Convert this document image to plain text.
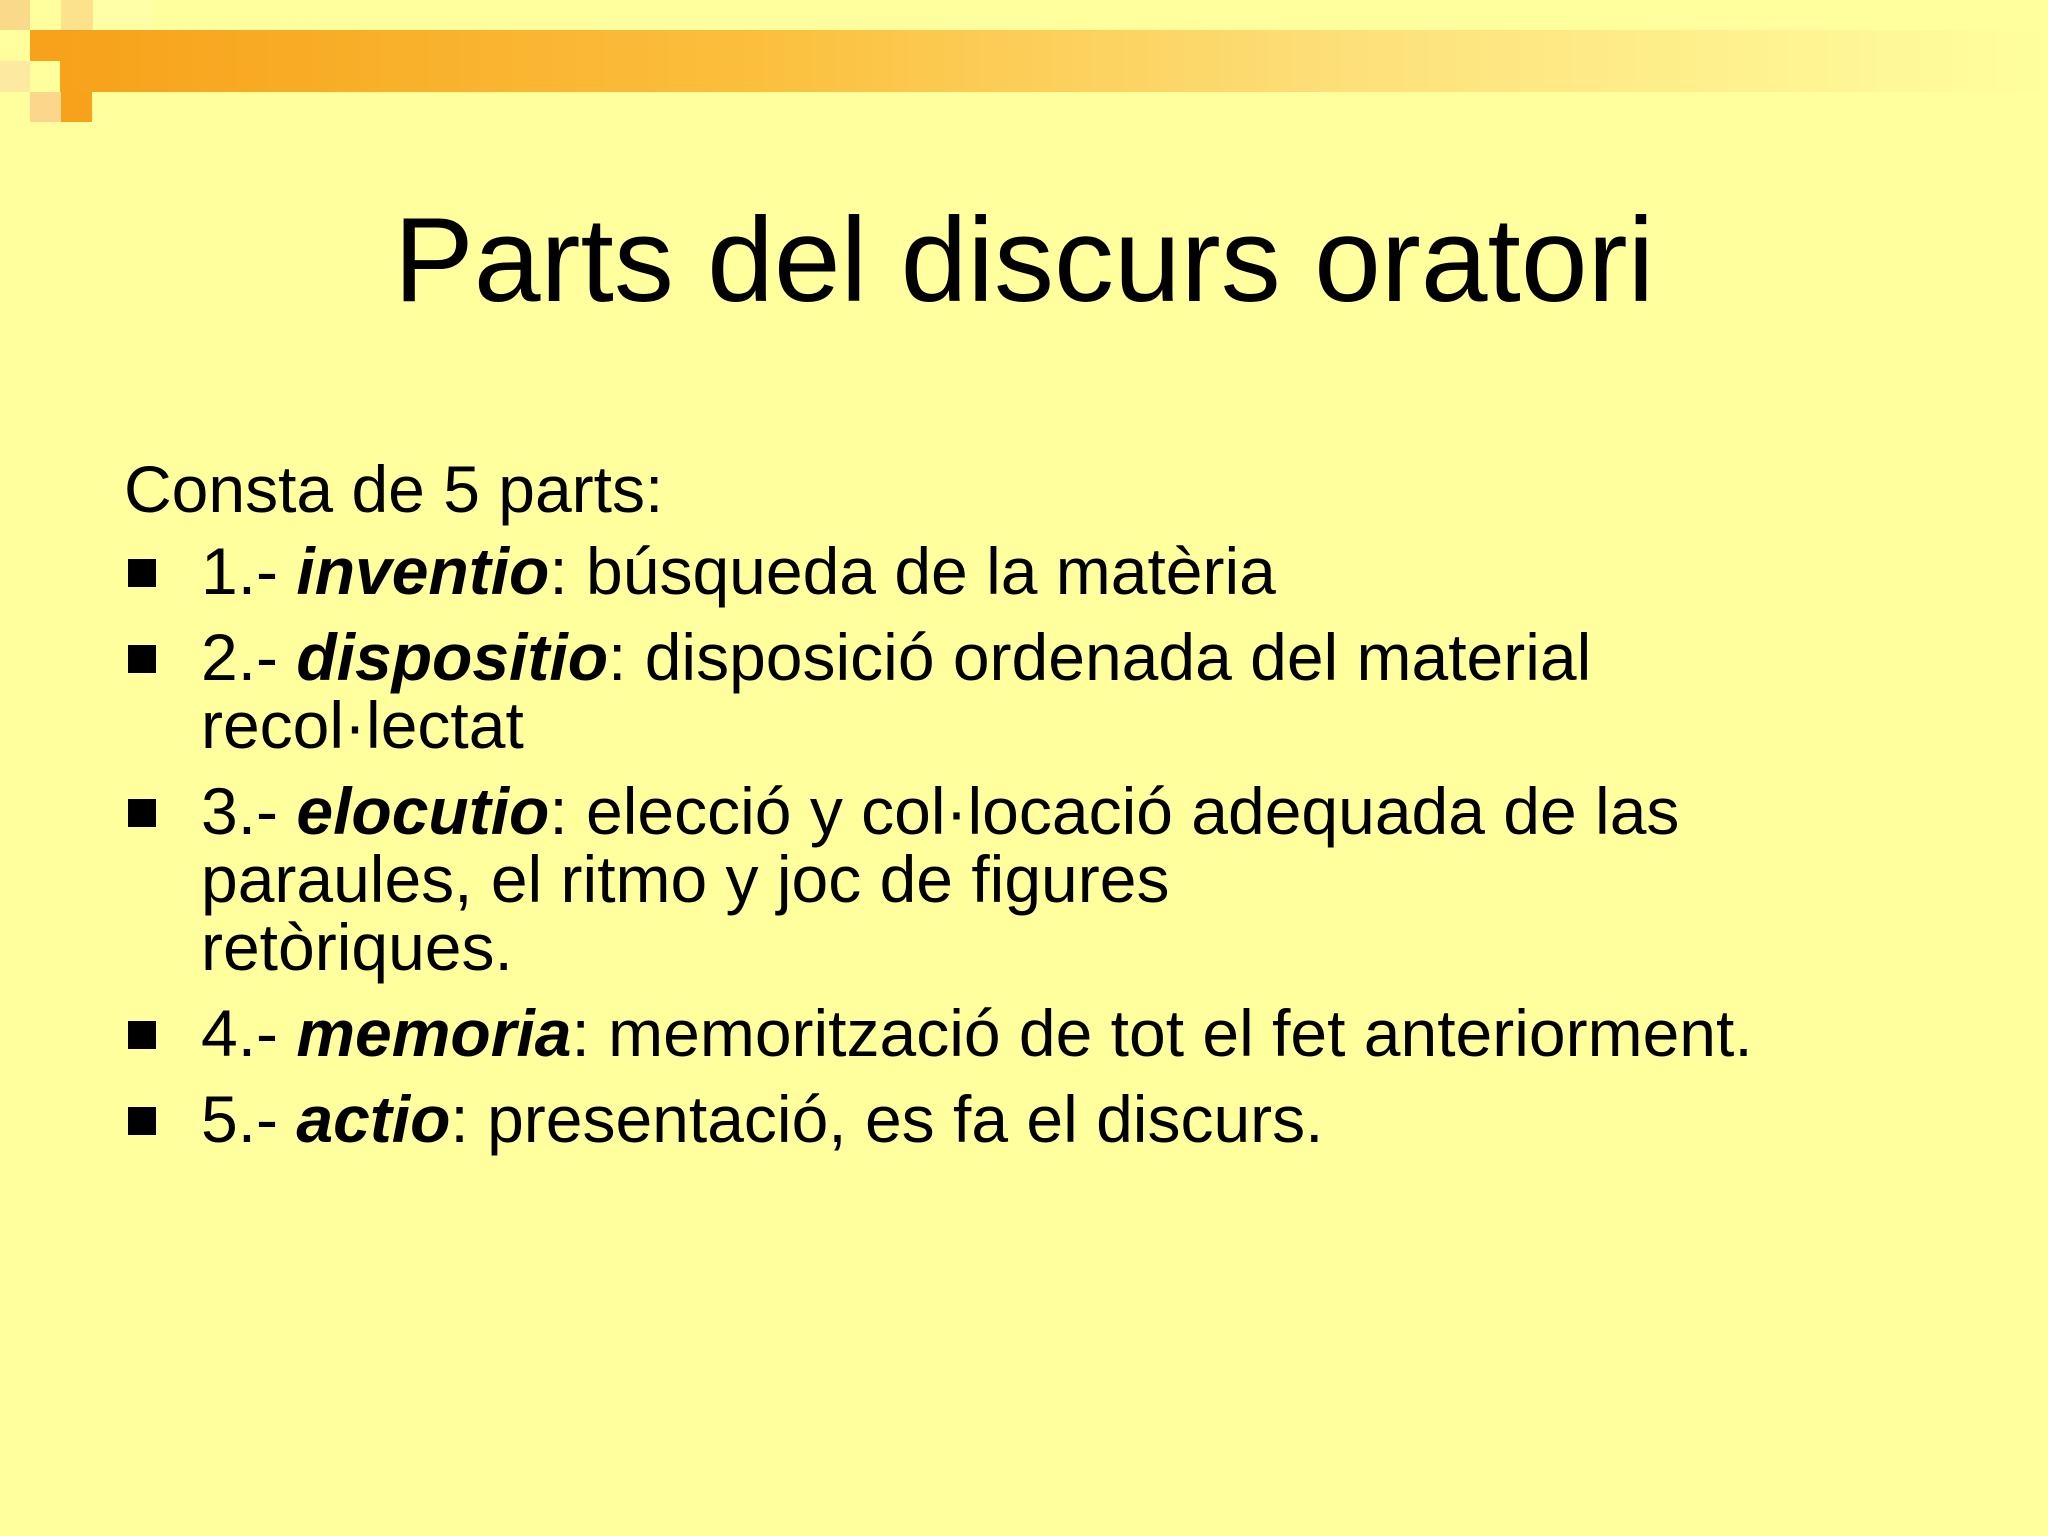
Parts del discurs oratori

Consta de 5 parts:

1.- inventio: búsqueda de la matèria
2.- dispositio: disposició ordenada del material
recol·lectat
3.- elocutio: elecció y col·locació adequada de las
paraules, el ritmo y joc de figures
retòriques.
4.- memoria: memorització de tot el fet anteriorment.
5.- actio: presentació, es fa el discurs.
